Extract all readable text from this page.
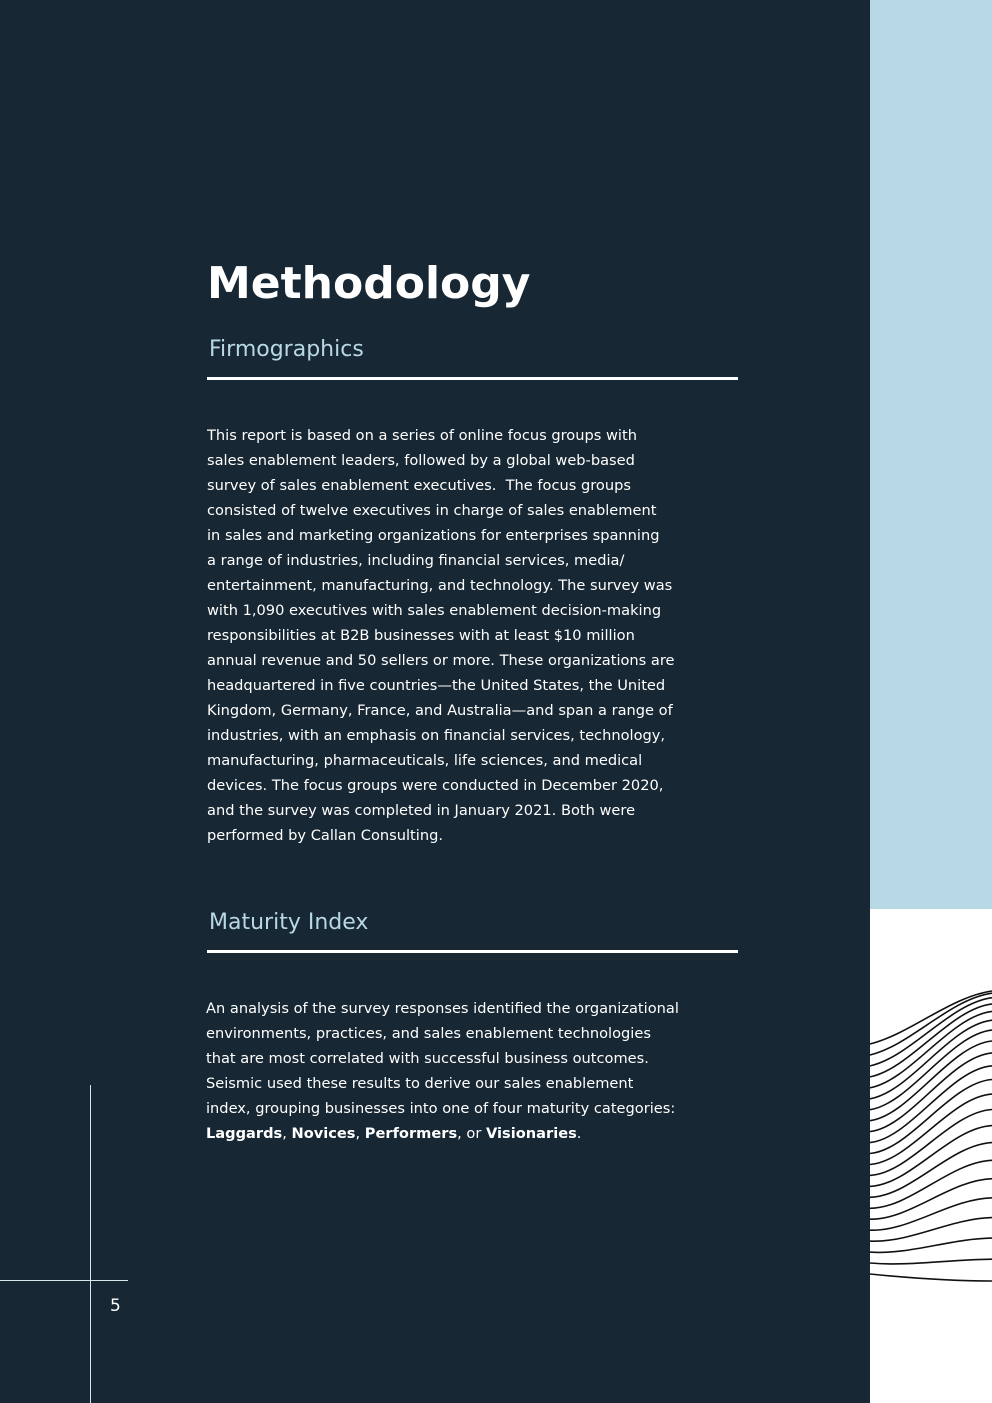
Methodology
Firmographics

This report is based on a series of online focus groups with
sales enablement leaders, followed by a global web-based
survey of sales enablement executives.  The focus groups
consisted of twelve executives in charge of sales enablement
in sales and marketing organizations for enterprises spanning
a range of industries, including financial services, media/
entertainment, manufacturing, and technology. The survey was
with 1,090 executives with sales enablement decision-making
responsibilities at B2B businesses with at least $10 million
annual revenue and 50 sellers or more. These organizations are
headquartered in five countries—the United States, the United
Kingdom, Germany, France, and Australia—and span a range of
industries, with an emphasis on financial services, technology,
manufacturing, pharmaceuticals, life sciences, and medical
devices. The focus groups were conducted in December 2020,
and the survey was completed in January 2021. Both were
performed by Callan Consulting.

Maturity Index

An analysis of the survey responses identified the organizational
environments, practices, and sales enablement technologies
that are most correlated with successful business outcomes.
Seismic used these results to derive our sales enablement
index, grouping businesses into one of four maturity categories:
Laggards, Novices, Performers, or Visionaries.

5
